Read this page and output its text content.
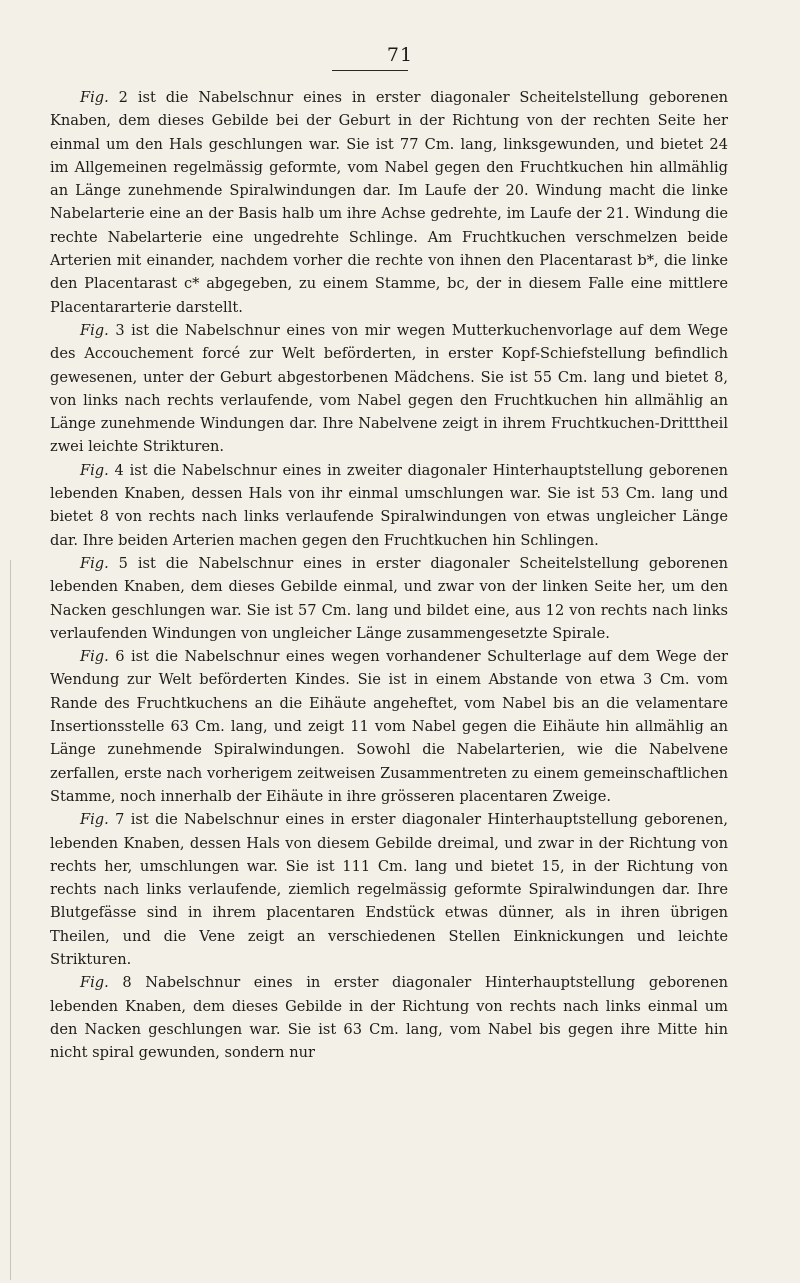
71

Fig. 2 ist die Nabelschnur eines in erster diagonaler Scheitelstellung geborenen Knaben, dem dieses Gebilde bei der Geburt in der Richtung von der rechten Seite her einmal um den Hals geschlungen war. Sie ist 77 Cm. lang, linksgewunden, und bietet 24 im Allgemeinen regelmässig geformte, vom Nabel gegen den Fruchtkuchen hin allmählig an Länge zunehmende Spiralwindungen dar. Im Laufe der 20. Windung macht die linke Nabelarterie eine an der Basis halb um ihre Achse gedrehte, im Laufe der 21. Windung die rechte Nabelarterie eine ungedrehte Schlinge. Am Fruchtkuchen verschmelzen beide Arterien mit einander, nachdem vorher die rechte von ihnen den Placentarast b*, die linke den Placentarast c* abgegeben, zu einem Stamme, bc, der in diesem Falle eine mittlere Placentararterie darstellt.

Fig. 3 ist die Nabelschnur eines von mir wegen Mutterkuchenvorlage auf dem Wege des Accouchement forcé zur Welt beförderten, in erster Kopf-Schiefstellung befindlich gewesenen, unter der Geburt abgestorbenen Mädchens. Sie ist 55 Cm. lang und bietet 8, von links nach rechts verlaufende, vom Nabel gegen den Fruchtkuchen hin allmählig an Länge zunehmende Windungen dar. Ihre Nabelvene zeigt in ihrem Fruchtkuchen-Dritttheil zwei leichte Strikturen.

Fig. 4 ist die Nabelschnur eines in zweiter diagonaler Hinterhauptstellung geborenen lebenden Knaben, dessen Hals von ihr einmal umschlungen war. Sie ist 53 Cm. lang und bietet 8 von rechts nach links verlaufende Spiralwindungen von etwas ungleicher Länge dar. Ihre beiden Arterien machen gegen den Fruchtkuchen hin Schlingen.

Fig. 5 ist die Nabelschnur eines in erster diagonaler Scheitelstellung geborenen lebenden Knaben, dem dieses Gebilde einmal, und zwar von der linken Seite her, um den Nacken geschlungen war. Sie ist 57 Cm. lang und bildet eine, aus 12 von rechts nach links verlaufenden Windungen von ungleicher Länge zusammengesetzte Spirale.

Fig. 6 ist die Nabelschnur eines wegen vorhandener Schulterlage auf dem Wege der Wendung zur Welt beförderten Kindes. Sie ist in einem Abstande von etwa 3 Cm. vom Rande des Fruchtkuchens an die Eihäute angeheftet, vom Nabel bis an die velamentare Insertionsstelle 63 Cm. lang, und zeigt 11 vom Nabel gegen die Eihäute hin allmählig an Länge zunehmende Spiralwindungen. Sowohl die Nabelarterien, wie die Nabelvene zerfallen, erste nach vorherigem zeitweisen Zusammentreten zu einem gemeinschaftlichen Stamme, noch innerhalb der Eihäute in ihre grösseren placentaren Zweige.

Fig. 7 ist die Nabelschnur eines in erster diagonaler Hinterhauptstellung geborenen, lebenden Knaben, dessen Hals von diesem Gebilde dreimal, und zwar in der Richtung von rechts her, umschlungen war. Sie ist 111 Cm. lang und bietet 15, in der Richtung von rechts nach links verlaufende, ziemlich regelmässig geformte Spiralwindungen dar. Ihre Blutgefässe sind in ihrem placentaren Endstück etwas dünner, als in ihren übrigen Theilen, und die Vene zeigt an verschiedenen Stellen Einknickungen und leichte Strikturen.

Fig. 8 Nabelschnur eines in erster diagonaler Hinterhauptstellung geborenen lebenden Knaben, dem dieses Gebilde in der Richtung von rechts nach links einmal um den Nacken geschlungen war. Sie ist 63 Cm. lang, vom Nabel bis gegen ihre Mitte hin nicht spiral gewunden, sondern nur
